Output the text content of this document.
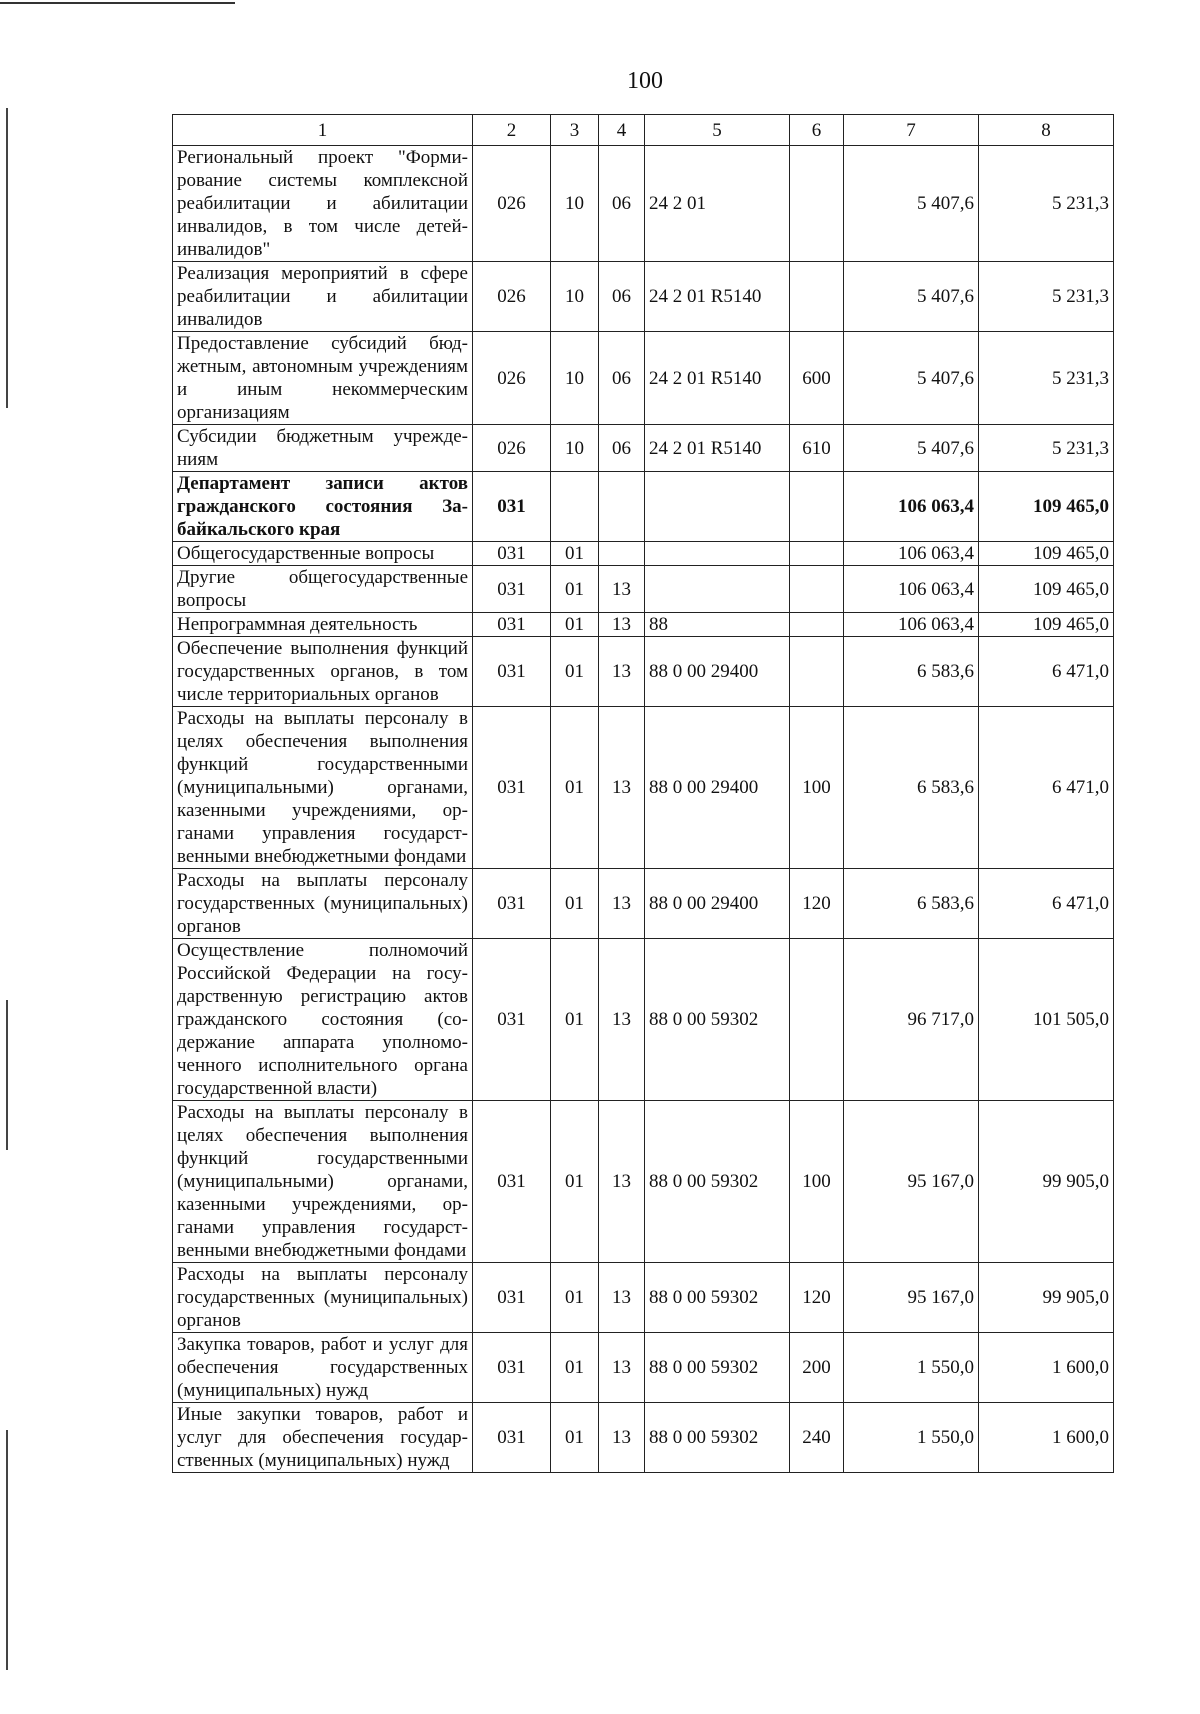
100
1	2	3	4	5	6	7	8
Региональный проект "Формирование системы комплексной реабилитации и абилитации инвалидов, в том числе детей-инвалидов"	026	10	06	24 2 01		5 407,6	5 231,3
Реализация мероприятий в сфере реабилитации и абилитации инвалидов	026	10	06	24 2 01 R5140		5 407,6	5 231,3
Предоставление субсидий бюджетным, автономным учреждениям и иным некоммерческим организациям	026	10	06	24 2 01 R5140	600	5 407,6	5 231,3
Субсидии бюджетным учреждениям	026	10	06	24 2 01 R5140	610	5 407,6	5 231,3
Департамент записи актов гражданского состояния Забайкальского края	031					106 063,4	109 465,0
Общегосударственные вопросы	031	01				106 063,4	109 465,0
Другие общегосударственные вопросы	031	01	13			106 063,4	109 465,0
Непрограммная деятельность	031	01	13	88		106 063,4	109 465,0
Обеспечение выполнения функций государственных органов, в том числе территориальных органов	031	01	13	88 0 00 29400		6 583,6	6 471,0
Расходы на выплаты персоналу в целях обеспечения выполнения функций государственными (муниципальными) органами, казенными учреждениями, органами управления государственными внебюджетными фондами	031	01	13	88 0 00 29400	100	6 583,6	6 471,0
Расходы на выплаты персоналу государственных (муниципальных) органов	031	01	13	88 0 00 29400	120	6 583,6	6 471,0
Осуществление полномочий Российской Федерации на государственную регистрацию актов гражданского состояния (содержание аппарата уполномоченного исполнительного органа государственной власти)	031	01	13	88 0 00 59302		96 717,0	101 505,0
Расходы на выплаты персоналу в целях обеспечения выполнения функций государственными (муниципальными) органами, казенными учреждениями, органами управления государственными внебюджетными фондами	031	01	13	88 0 00 59302	100	95 167,0	99 905,0
Расходы на выплаты персоналу государственных (муниципальных) органов	031	01	13	88 0 00 59302	120	95 167,0	99 905,0
Закупка товаров, работ и услуг для обеспечения государственных (муниципальных) нужд	031	01	13	88 0 00 59302	200	1 550,0	1 600,0
Иные закупки товаров, работ и услуг для обеспечения государственных (муниципальных) нужд	031	01	13	88 0 00 59302	240	1 550,0	1 600,0
